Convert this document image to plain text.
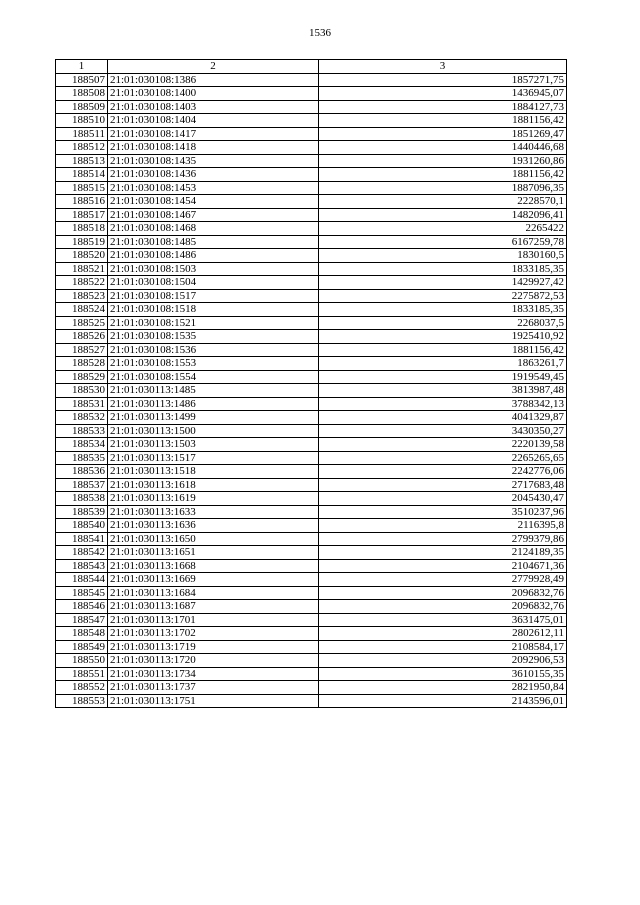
1536
1	2	3
188507	21:01:030108:1386	1857271,75
188508	21:01:030108:1400	1436945,07
188509	21:01:030108:1403	1884127,73
188510	21:01:030108:1404	1881156,42
188511	21:01:030108:1417	1851269,47
188512	21:01:030108:1418	1440446,68
188513	21:01:030108:1435	1931260,86
188514	21:01:030108:1436	1881156,42
188515	21:01:030108:1453	1887096,35
188516	21:01:030108:1454	2228570,1
188517	21:01:030108:1467	1482096,41
188518	21:01:030108:1468	2265422
188519	21:01:030108:1485	6167259,78
188520	21:01:030108:1486	1830160,5
188521	21:01:030108:1503	1833185,35
188522	21:01:030108:1504	1429927,42
188523	21:01:030108:1517	2275872,53
188524	21:01:030108:1518	1833185,35
188525	21:01:030108:1521	2268037,5
188526	21:01:030108:1535	1925410,92
188527	21:01:030108:1536	1881156,42
188528	21:01:030108:1553	1863261,7
188529	21:01:030108:1554	1919549,45
188530	21:01:030113:1485	3813987,48
188531	21:01:030113:1486	3788342,13
188532	21:01:030113:1499	4041329,87
188533	21:01:030113:1500	3430350,27
188534	21:01:030113:1503	2220139,58
188535	21:01:030113:1517	2265265,65
188536	21:01:030113:1518	2242776,06
188537	21:01:030113:1618	2717683,48
188538	21:01:030113:1619	2045430,47
188539	21:01:030113:1633	3510237,96
188540	21:01:030113:1636	2116395,8
188541	21:01:030113:1650	2799379,86
188542	21:01:030113:1651	2124189,35
188543	21:01:030113:1668	2104671,36
188544	21:01:030113:1669	2779928,49
188545	21:01:030113:1684	2096832,76
188546	21:01:030113:1687	2096832,76
188547	21:01:030113:1701	3631475,01
188548	21:01:030113:1702	2802612,11
188549	21:01:030113:1719	2108584,17
188550	21:01:030113:1720	2092906,53
188551	21:01:030113:1734	3610155,35
188552	21:01:030113:1737	2821950,84
188553	21:01:030113:1751	2143596,01
